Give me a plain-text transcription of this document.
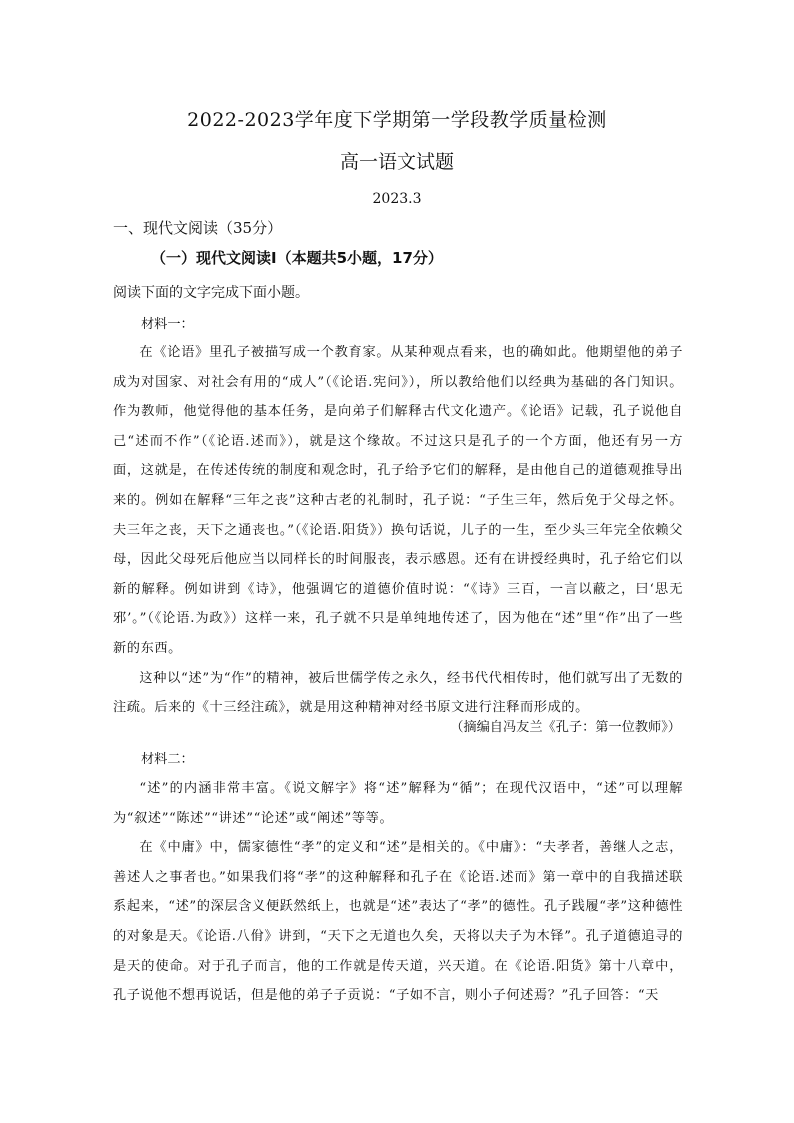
2022-2023学年度下学期第一学段教学质量检测
高一语文试题
2023.3
一、现代文阅读（35分）
（一）现代文阅读Ⅰ（本题共5小题，17分）
阅读下面的文字完成下面小题。
材料一：

在《论语》里孔子被描写成一个教育家。从某种观点看来，也的确如此。他期望他的弟子成为对国家、对社会有用的“成人”（《论语.宪问》），所以教给他们以经典为基础的各门知识。作为教师，他觉得他的基本任务，是向弟子们解释古代文化遗产。《论语》记载，孔子说他自己“述而不作”（《论语.述而》），就是这个缘故。不过这只是孔子的一个方面，他还有另一方面，这就是，在传述传统的制度和观念时，孔子给予它们的解释，是由他自己的道德观推导出来的。例如在解释“三年之丧”这种古老的礼制时，孔子说：“子生三年，然后免于父母之怀。夫三年之丧，天下之通丧也。”（《论语.阳货》）换句话说，儿子的一生，至少头三年完全依赖父母，因此父母死后他应当以同样长的时间服丧，表示感恩。还有在讲授经典时，孔子给它们以新的解释。例如讲到《诗》，他强调它的道德价值时说：“《诗》三百，一言以蔽之，曰‘思无邪’。”（《论语.为政》）这样一来，孔子就不只是单纯地传述了，因为他在“述”里“作”出了一些新的东西。

这种以“述”为“作”的精神，被后世儒学传之永久，经书代代相传时，他们就写出了无数的注疏。后来的《十三经注疏》，就是用这种精神对经书原文进行注释而形成的。

（摘编自冯友兰《孔子：第一位教师》）
材料二：

“述”的内涵非常丰富。《说文解字》将“述”解释为“循”；在现代汉语中，“述”可以理解为“叙述”“陈述”“讲述”“论述”或“阐述”等等。

在《中庸》中，儒家德性“孝”的定义和“述”是相关的。《中庸》：“夫孝者，善继人之志，善述人之事者也。”如果我们将“孝”的这种解释和孔子在《论语.述而》第一章中的自我描述联系起来，“述”的深层含义便跃然纸上，也就是“述”表达了“孝”的德性。孔子践履“孝”这种德性的对象是天。《论语.八佾》讲到，“天下之无道也久矣，天将以夫子为木铎”。孔子道德追寻的是天的使命。对于孔子而言，他的工作就是传天道，兴天道。在《论语.阳货》第十八章中，孔子说他不想再说话，但是他的弟子子贡说：“子如不言，则小子何述焉？”孔子回答：“天
